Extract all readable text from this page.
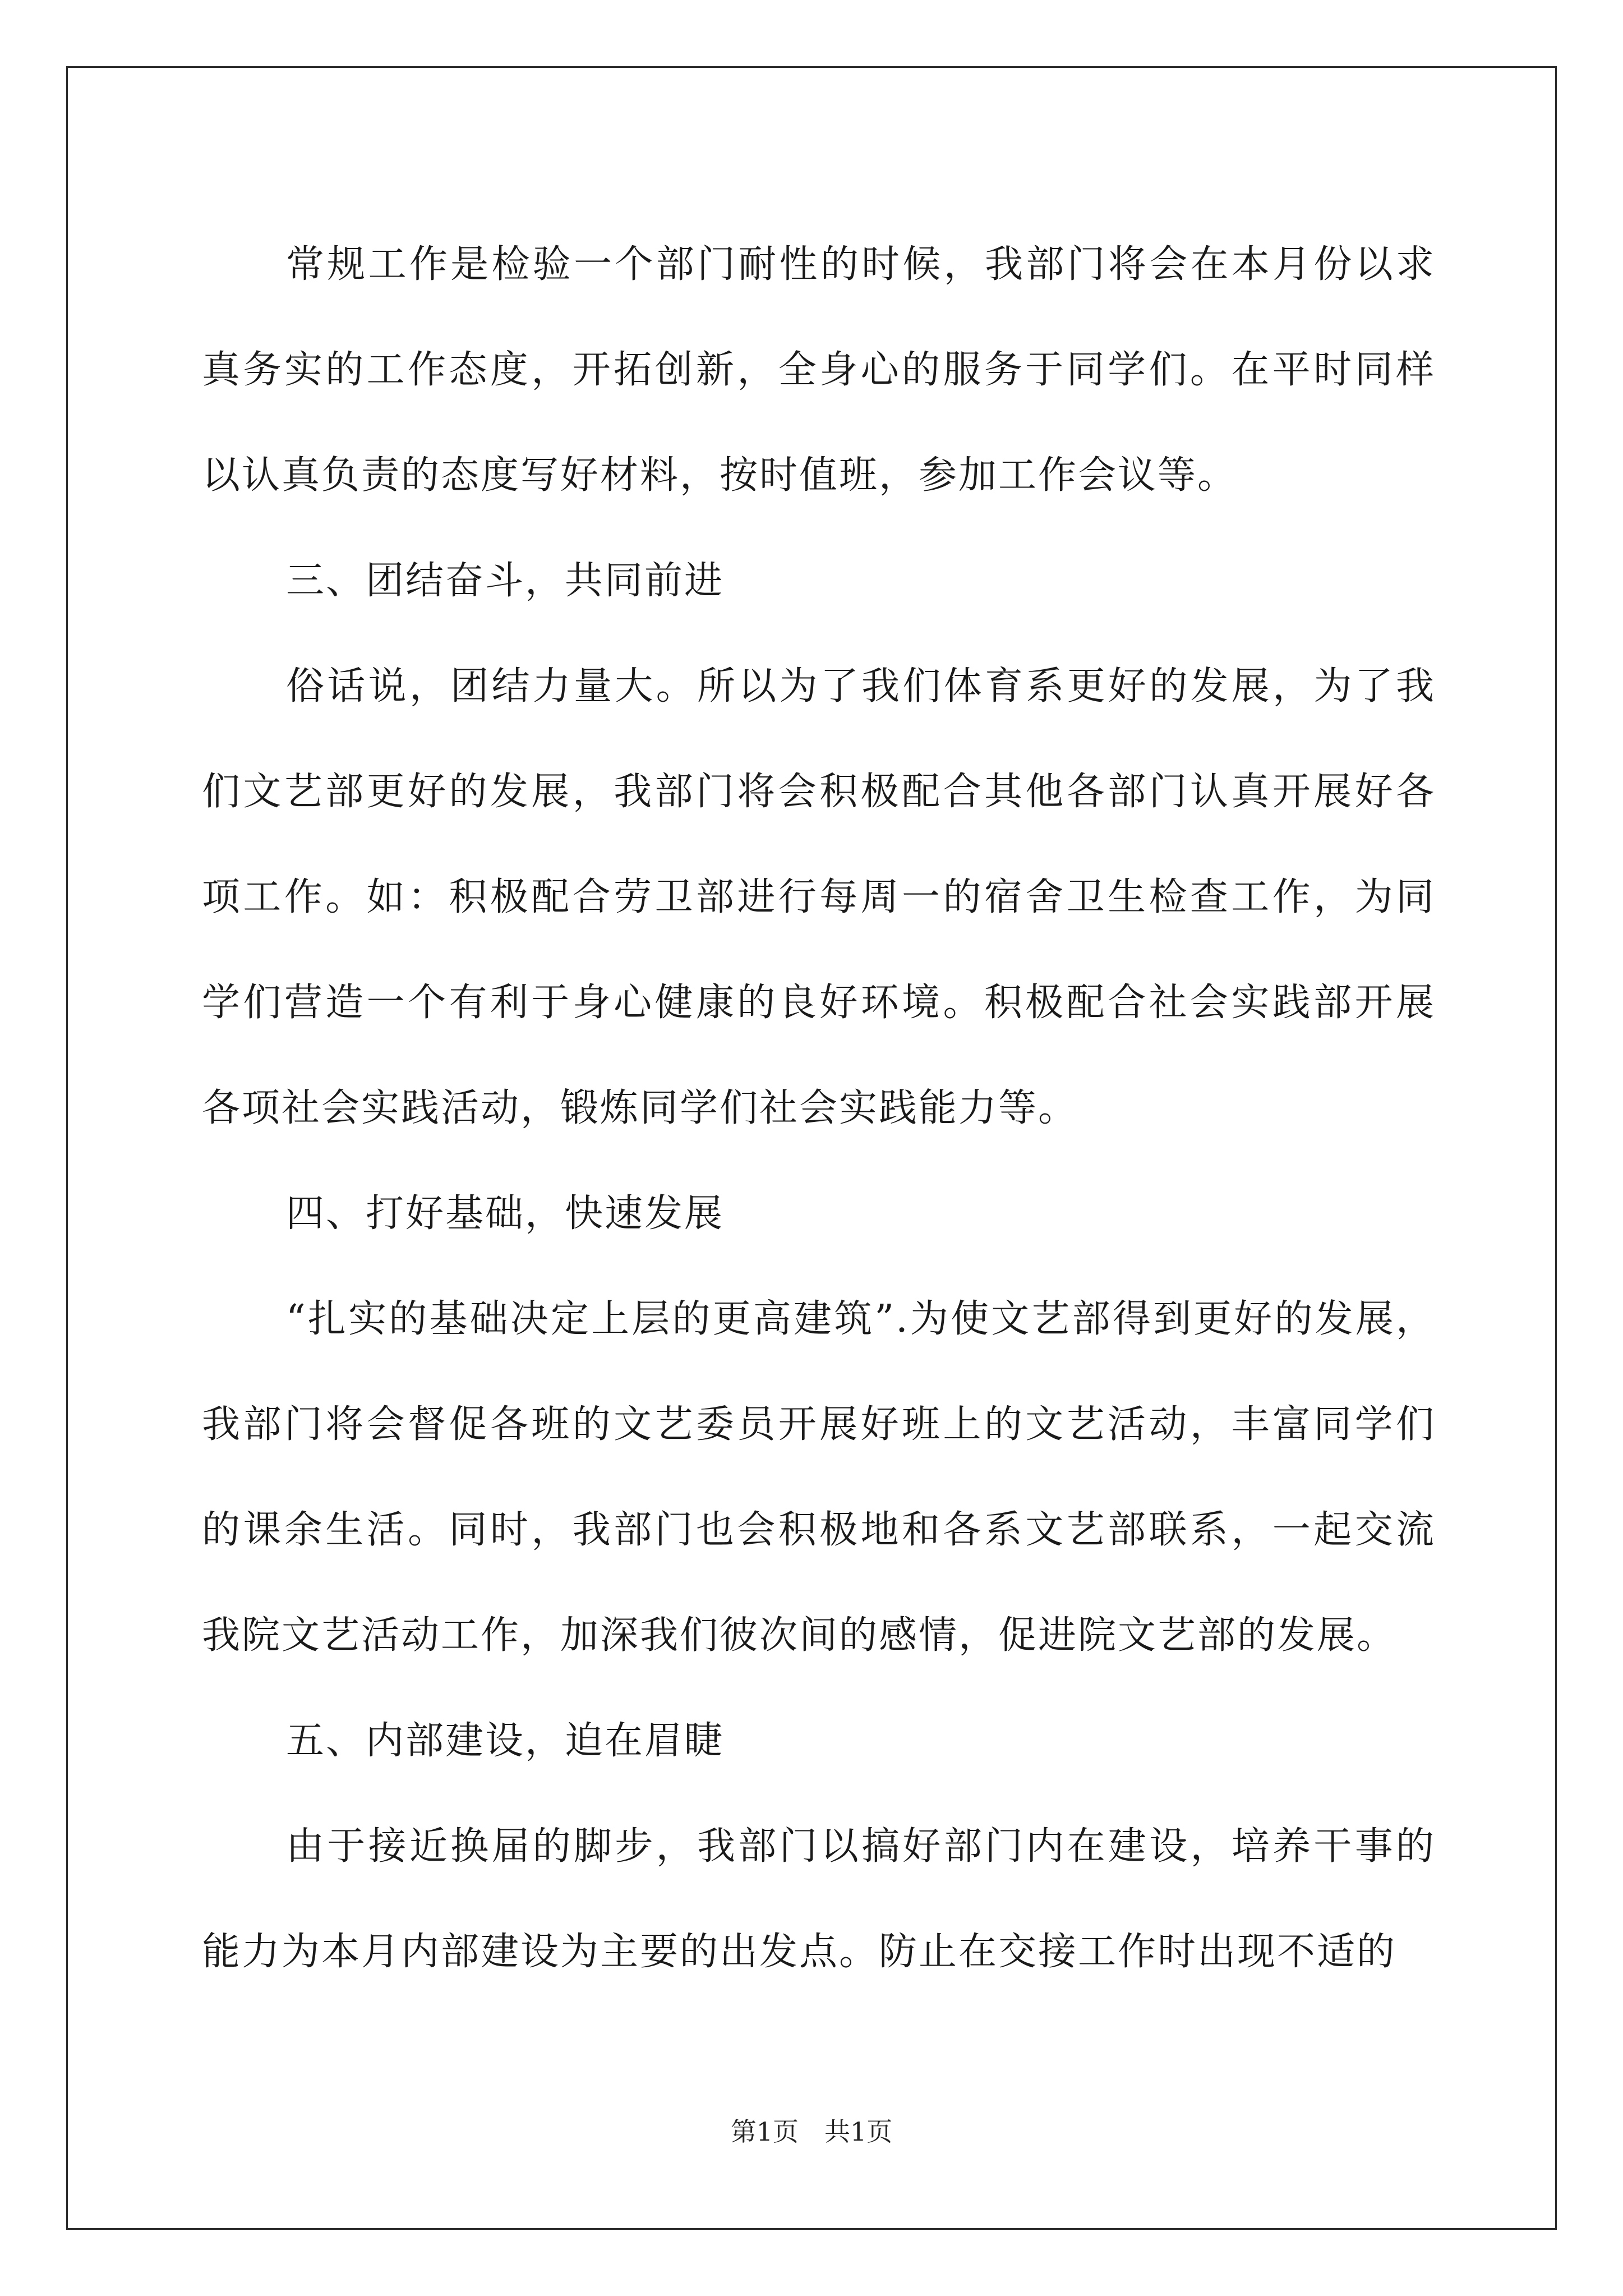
常规工作是检验一个部门耐性的时候，我部门将会在本月份以求真务实的工作态度，开拓创新，全身心的服务于同学们。在平时同样以认真负责的态度写好材料，按时值班，参加工作会议等。

三、团结奋斗，共同前进

俗话说，团结力量大。所以为了我们体育系更好的发展，为了我们文艺部更好的发展，我部门将会积极配合其他各部门认真开展好各项工作。如：积极配合劳卫部进行每周一的宿舍卫生检查工作，为同学们营造一个有利于身心健康的良好环境。积极配合社会实践部开展各项社会实践活动，锻炼同学们社会实践能力等。

四、打好基础，快速发展

“扎实的基础决定上层的更高建筑”.为使文艺部得到更好的发展，我部门将会督促各班的文艺委员开展好班上的文艺活动，丰富同学们的课余生活。同时，我部门也会积极地和各系文艺部联系，一起交流我院文艺活动工作，加深我们彼次间的感情，促进院文艺部的发展。

五、内部建设，迫在眉睫

由于接近换届的脚步，我部门以搞好部门内在建设，培养干事的能力为本月内部建设为主要的出发点。防止在交接工作时出现不适的

第1页　共1页
